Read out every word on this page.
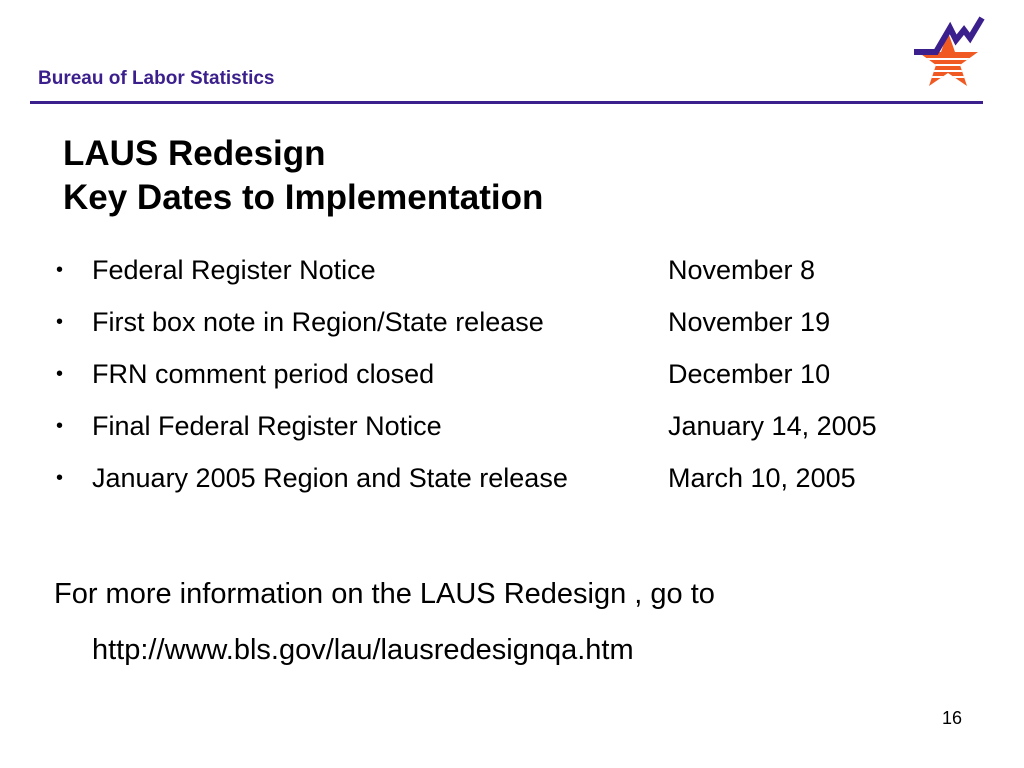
Bureau of Labor Statistics
LAUS Redesign
Key Dates to Implementation
•	Federal Register Notice	November 8
•	First box note in Region/State release	November 19
•	FRN comment period closed	December 10
•	Final Federal Register Notice	January 14, 2005
•	January 2005 Region and State release	March 10, 2005
For more information on the LAUS Redesign , go to
http://www.bls.gov/lau/lausredesignqa.htm
16
